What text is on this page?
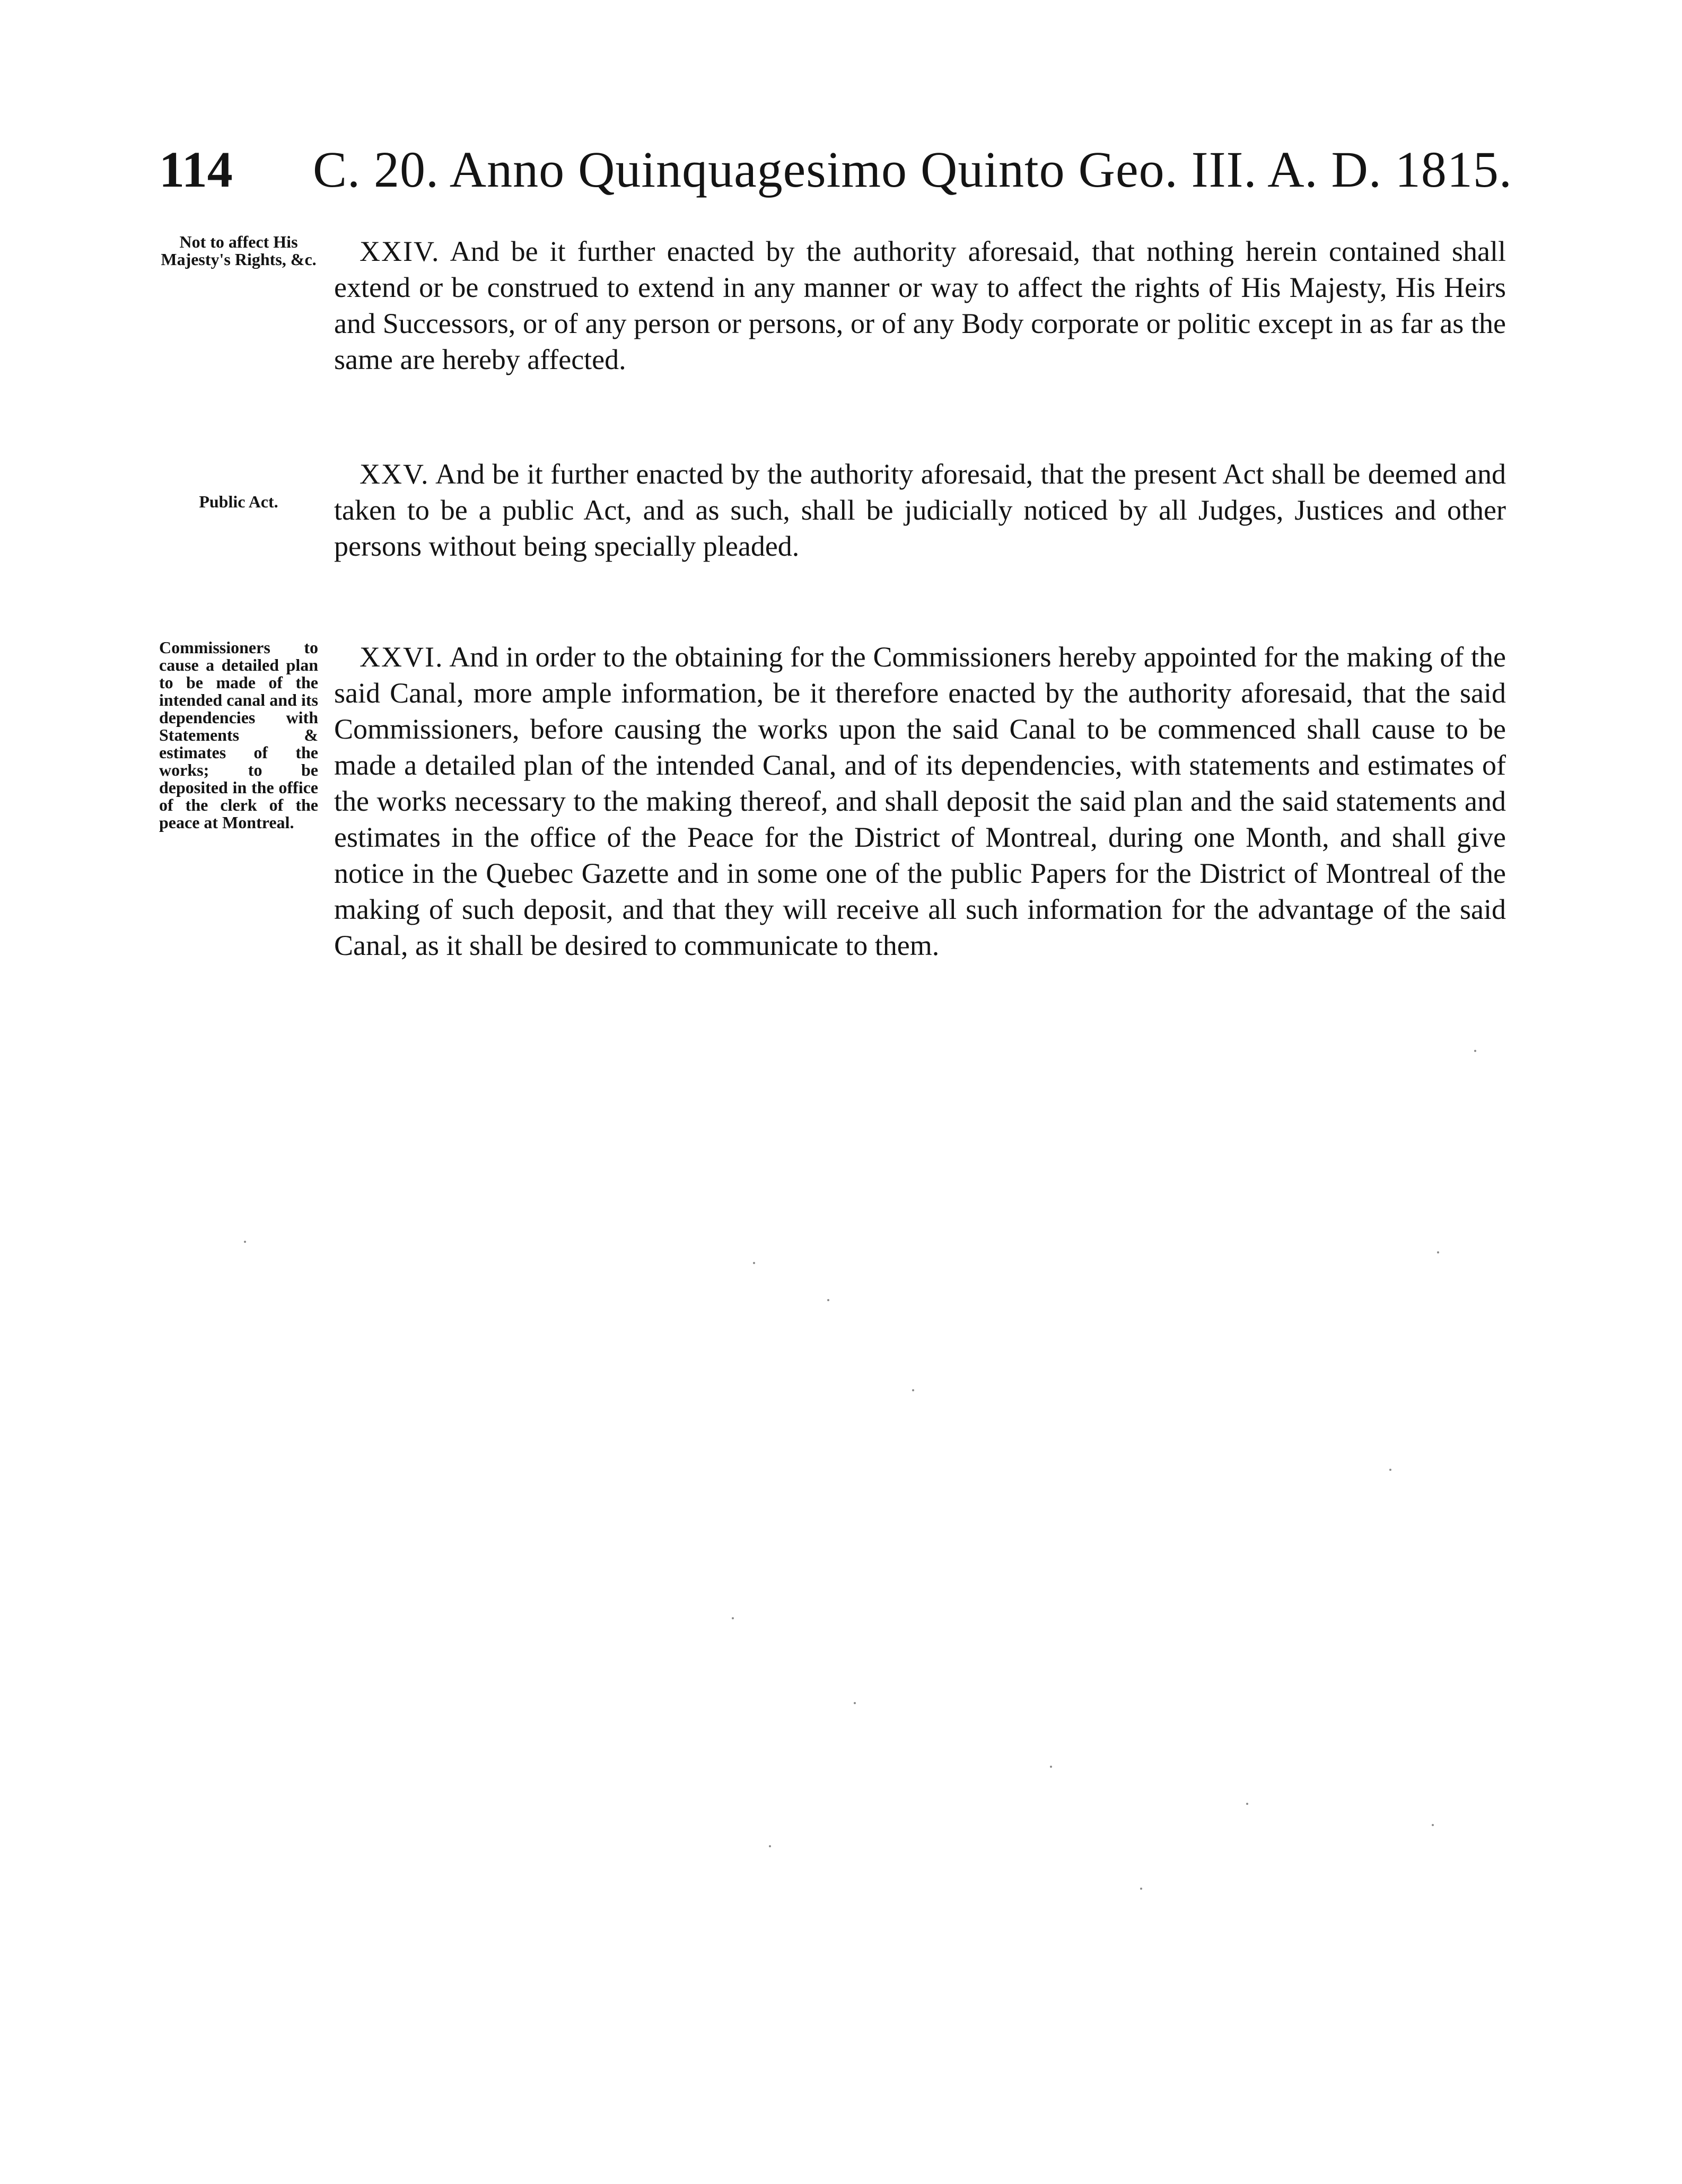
114 C. 20. Anno Quinquagesimo Quinto Geo. III. A. D. 1815.
Not to affect His Majesty's Rights, &c.	XXIV. And be it further enacted by the authority aforesaid, that nothing herein contained shall extend or be construed to extend in any manner or way to affect the rights of His Majesty, His Heirs and Successors, or of any person or persons, or of any Body corporate or politic except in as far as the same are hereby affected.
Public Act.
XXV. And be it further enacted by the authority aforesaid, that the present Act shall be deemed and taken to be a public Act, and as such, shall be judicially noticed by all Judges, Justices and other persons without being specially pleaded.
Commissioners to cause a detailed plan to be made of the intended canal and its dependencies with Statements & estimates of the works; to be deposited in the office of the clerk of the peace at Montreal.
XXVI. And in order to the obtaining for the Commissioners hereby appointed for the making of the said Canal, more ample information, be it therefore enacted by the authority aforesaid, that the said Commissioners, before causing the works upon the said Canal to be commenced shall cause to be made a detailed plan of the intended Canal, and of its dependencies, with statements and estimates of the works necessary to the making thereof, and shall deposit the said plan and the said statements and estimates in the office of the Peace for the District of Montreal, during one Month, and shall give notice in the Quebec Gazette and in some one of the public Papers for the District of Montreal of the making of such deposit, and that they will receive all such information for the advantage of the said Canal, as it shall be desired to communicate to them.
